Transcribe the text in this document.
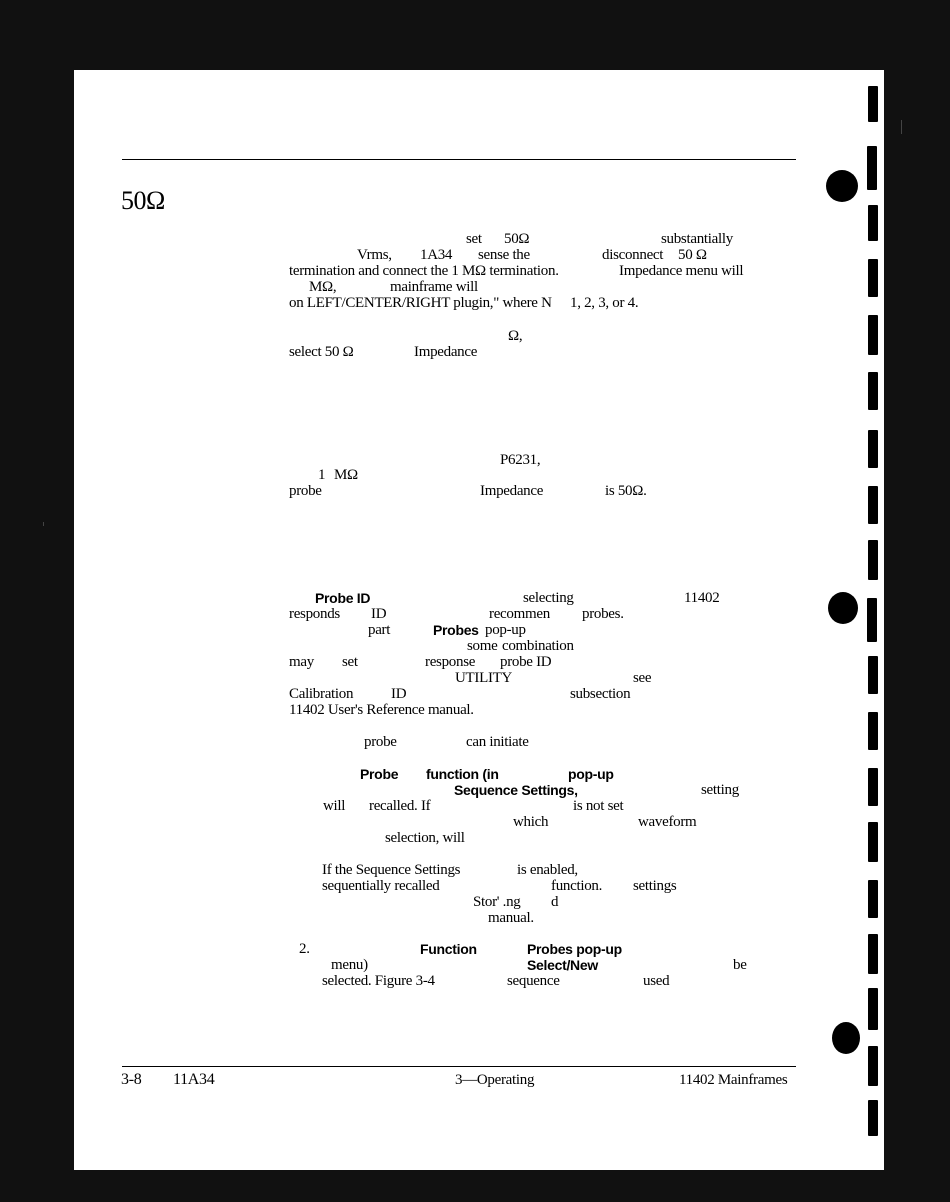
50Ω
set 50Ω	substantially
Vrms, 1A34 sense the	disconnect 50 Ω
termination and connect the 1 MΩ termination.	Impedance menu will
MΩ,	mainframe will
on LEFT/CENTER/RIGHT plugin," where N 1, 2, 3, or 4.
Ω,
select 50 Ω	Impedance
P6231,
1 MΩ
probe	Impedance	is 50Ω.
Probe ID	selecting	11402
responds ID	recommen probes.
part	Probes pop-up
some combination
may set	response probe ID
UTILITY	see
Calibration	ID	subsection
11402 User's Reference manual.
probe	can initiate
Probe function (in	pop-up
Sequence Settings,	setting
will recalled. If	is not set
which	waveform
selection, will
If the Sequence Settings	is enabled,
sequentially recalled	function. settings
Stor' .ng d
manual.
2.	Function	Probes pop-up
menu)	Select/New	be
selected. Figure 3-4	sequence	used
3-8 11A34	3—Operating	11402 Mainframes
